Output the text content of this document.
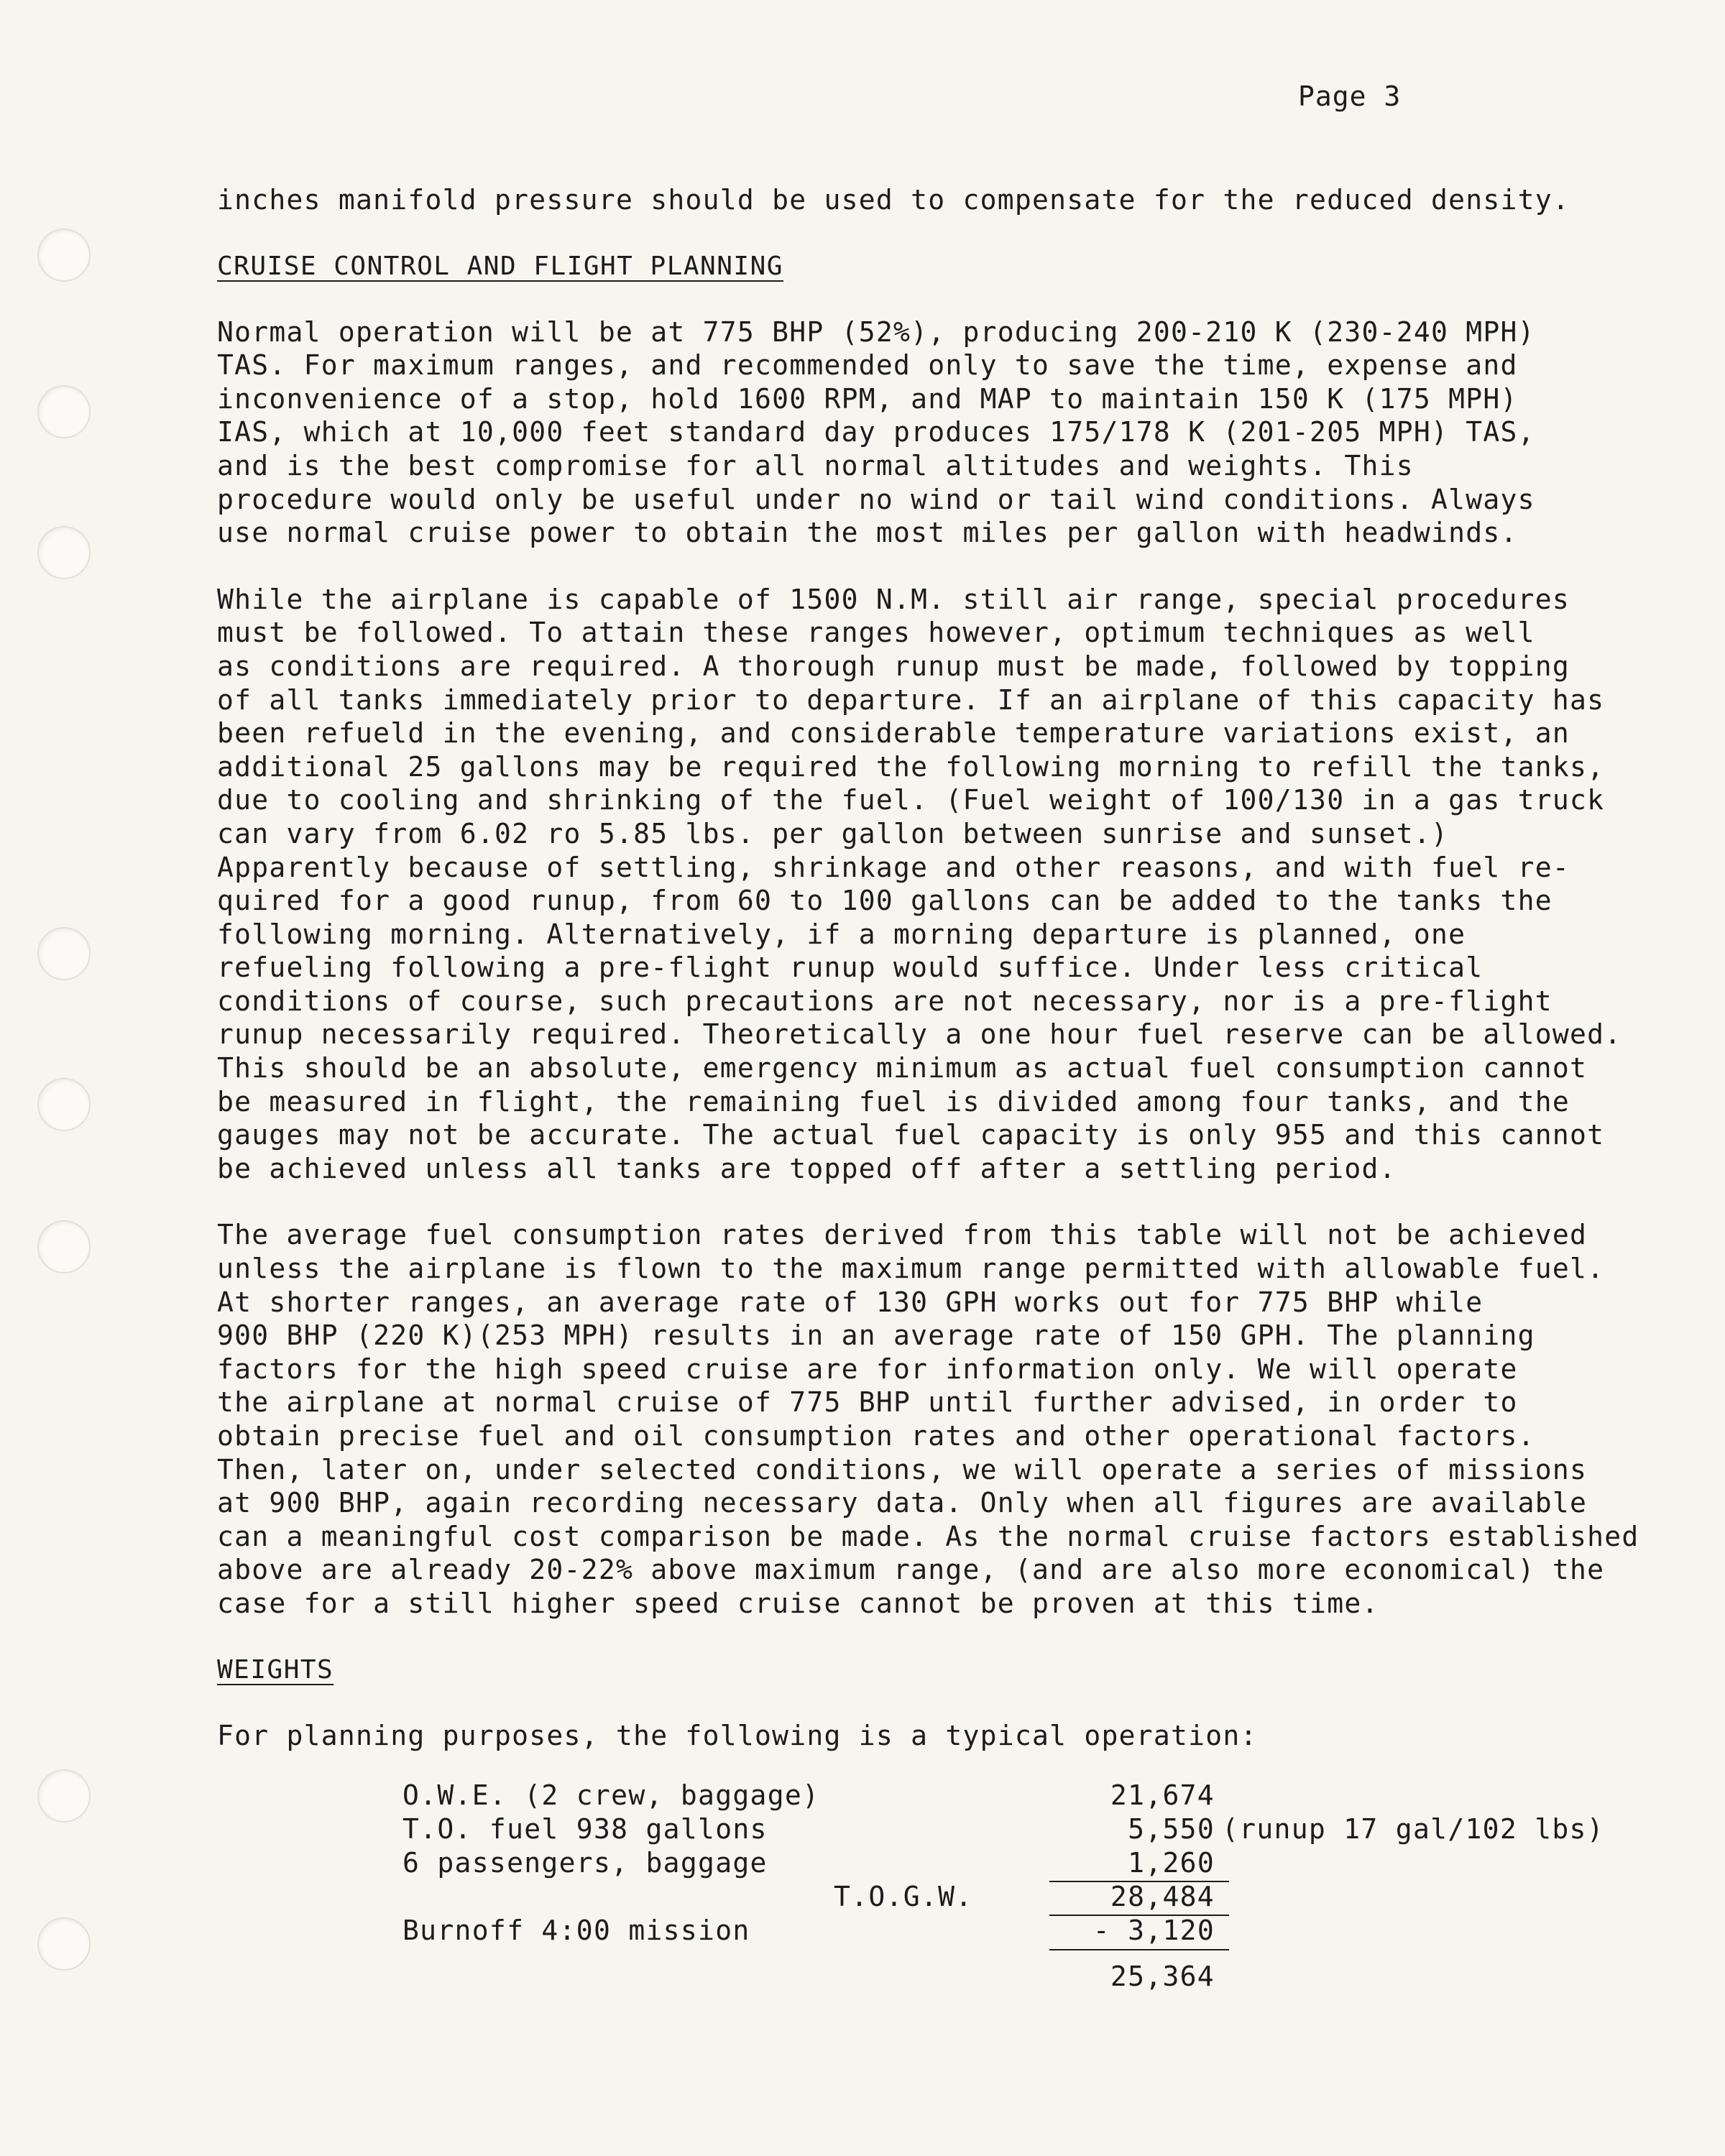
Page 3

inches manifold pressure should be used to compensate for the reduced density.

CRUISE CONTROL AND FLIGHT PLANNING

Normal operation will be at 775 BHP (52%), producing 200-210 K (230-240 MPH)
TAS. For maximum ranges, and recommended only to save the time, expense and
inconvenience of a stop, hold 1600 RPM, and MAP to maintain 150 K (175 MPH)
IAS, which at 10,000 feet standard day produces 175/178 K (201-205 MPH) TAS,
and is the best compromise for all normal altitudes and weights. This
procedure would only be useful under no wind or tail wind conditions. Always
use normal cruise power to obtain the most miles per gallon with headwinds.

While the airplane is capable of 1500 N.M. still air range, special procedures
must be followed. To attain these ranges however, optimum techniques as well
as conditions are required. A thorough runup must be made, followed by topping
of all tanks immediately prior to departure. If an airplane of this capacity has
been refueld in the evening, and considerable temperature variations exist, an
additional 25 gallons may be required the following morning to refill the tanks,
due to cooling and shrinking of the fuel. (Fuel weight of 100/130 in a gas truck
can vary from 6.02 ro 5.85 lbs. per gallon between sunrise and sunset.)
Apparently because of settling, shrinkage and other reasons, and with fuel re-
quired for a good runup, from 60 to 100 gallons can be added to the tanks the
following morning. Alternatively, if a morning departure is planned, one
refueling following a pre-flight runup would suffice. Under less critical
conditions of course, such precautions are not necessary, nor is a pre-flight
runup necessarily required. Theoretically a one hour fuel reserve can be allowed.
This should be an absolute, emergency minimum as actual fuel consumption cannot
be measured in flight, the remaining fuel is divided among four tanks, and the
gauges may not be accurate. The actual fuel capacity is only 955 and this cannot
be achieved unless all tanks are topped off after a settling period.

The average fuel consumption rates derived from this table will not be achieved
unless the airplane is flown to the maximum range permitted with allowable fuel.
At shorter ranges, an average rate of 130 GPH works out for 775 BHP while
900 BHP (220 K)(253 MPH) results in an average rate of 150 GPH. The planning
factors for the high speed cruise are for information only. We will operate
the airplane at normal cruise of 775 BHP until further advised, in order to
obtain precise fuel and oil consumption rates and other operational factors.
Then, later on, under selected conditions, we will operate a series of missions
at 900 BHP, again recording necessary data. Only when all figures are available
can a meaningful cost comparison be made. As the normal cruise factors established
above are already 20-22% above maximum range, (and are also more economical) the
case for a still higher speed cruise cannot be proven at this time.

WEIGHTS

For planning purposes, the following is a typical operation:

O.W.E. (2 crew, baggage)	21,674
T.O. fuel 938 gallons	5,550 (runup 17 gal/102 lbs)
6 passengers, baggage	1,260
T.O.G.W.	28,484
Burnoff 4:00 mission	- 3,120
25,364
